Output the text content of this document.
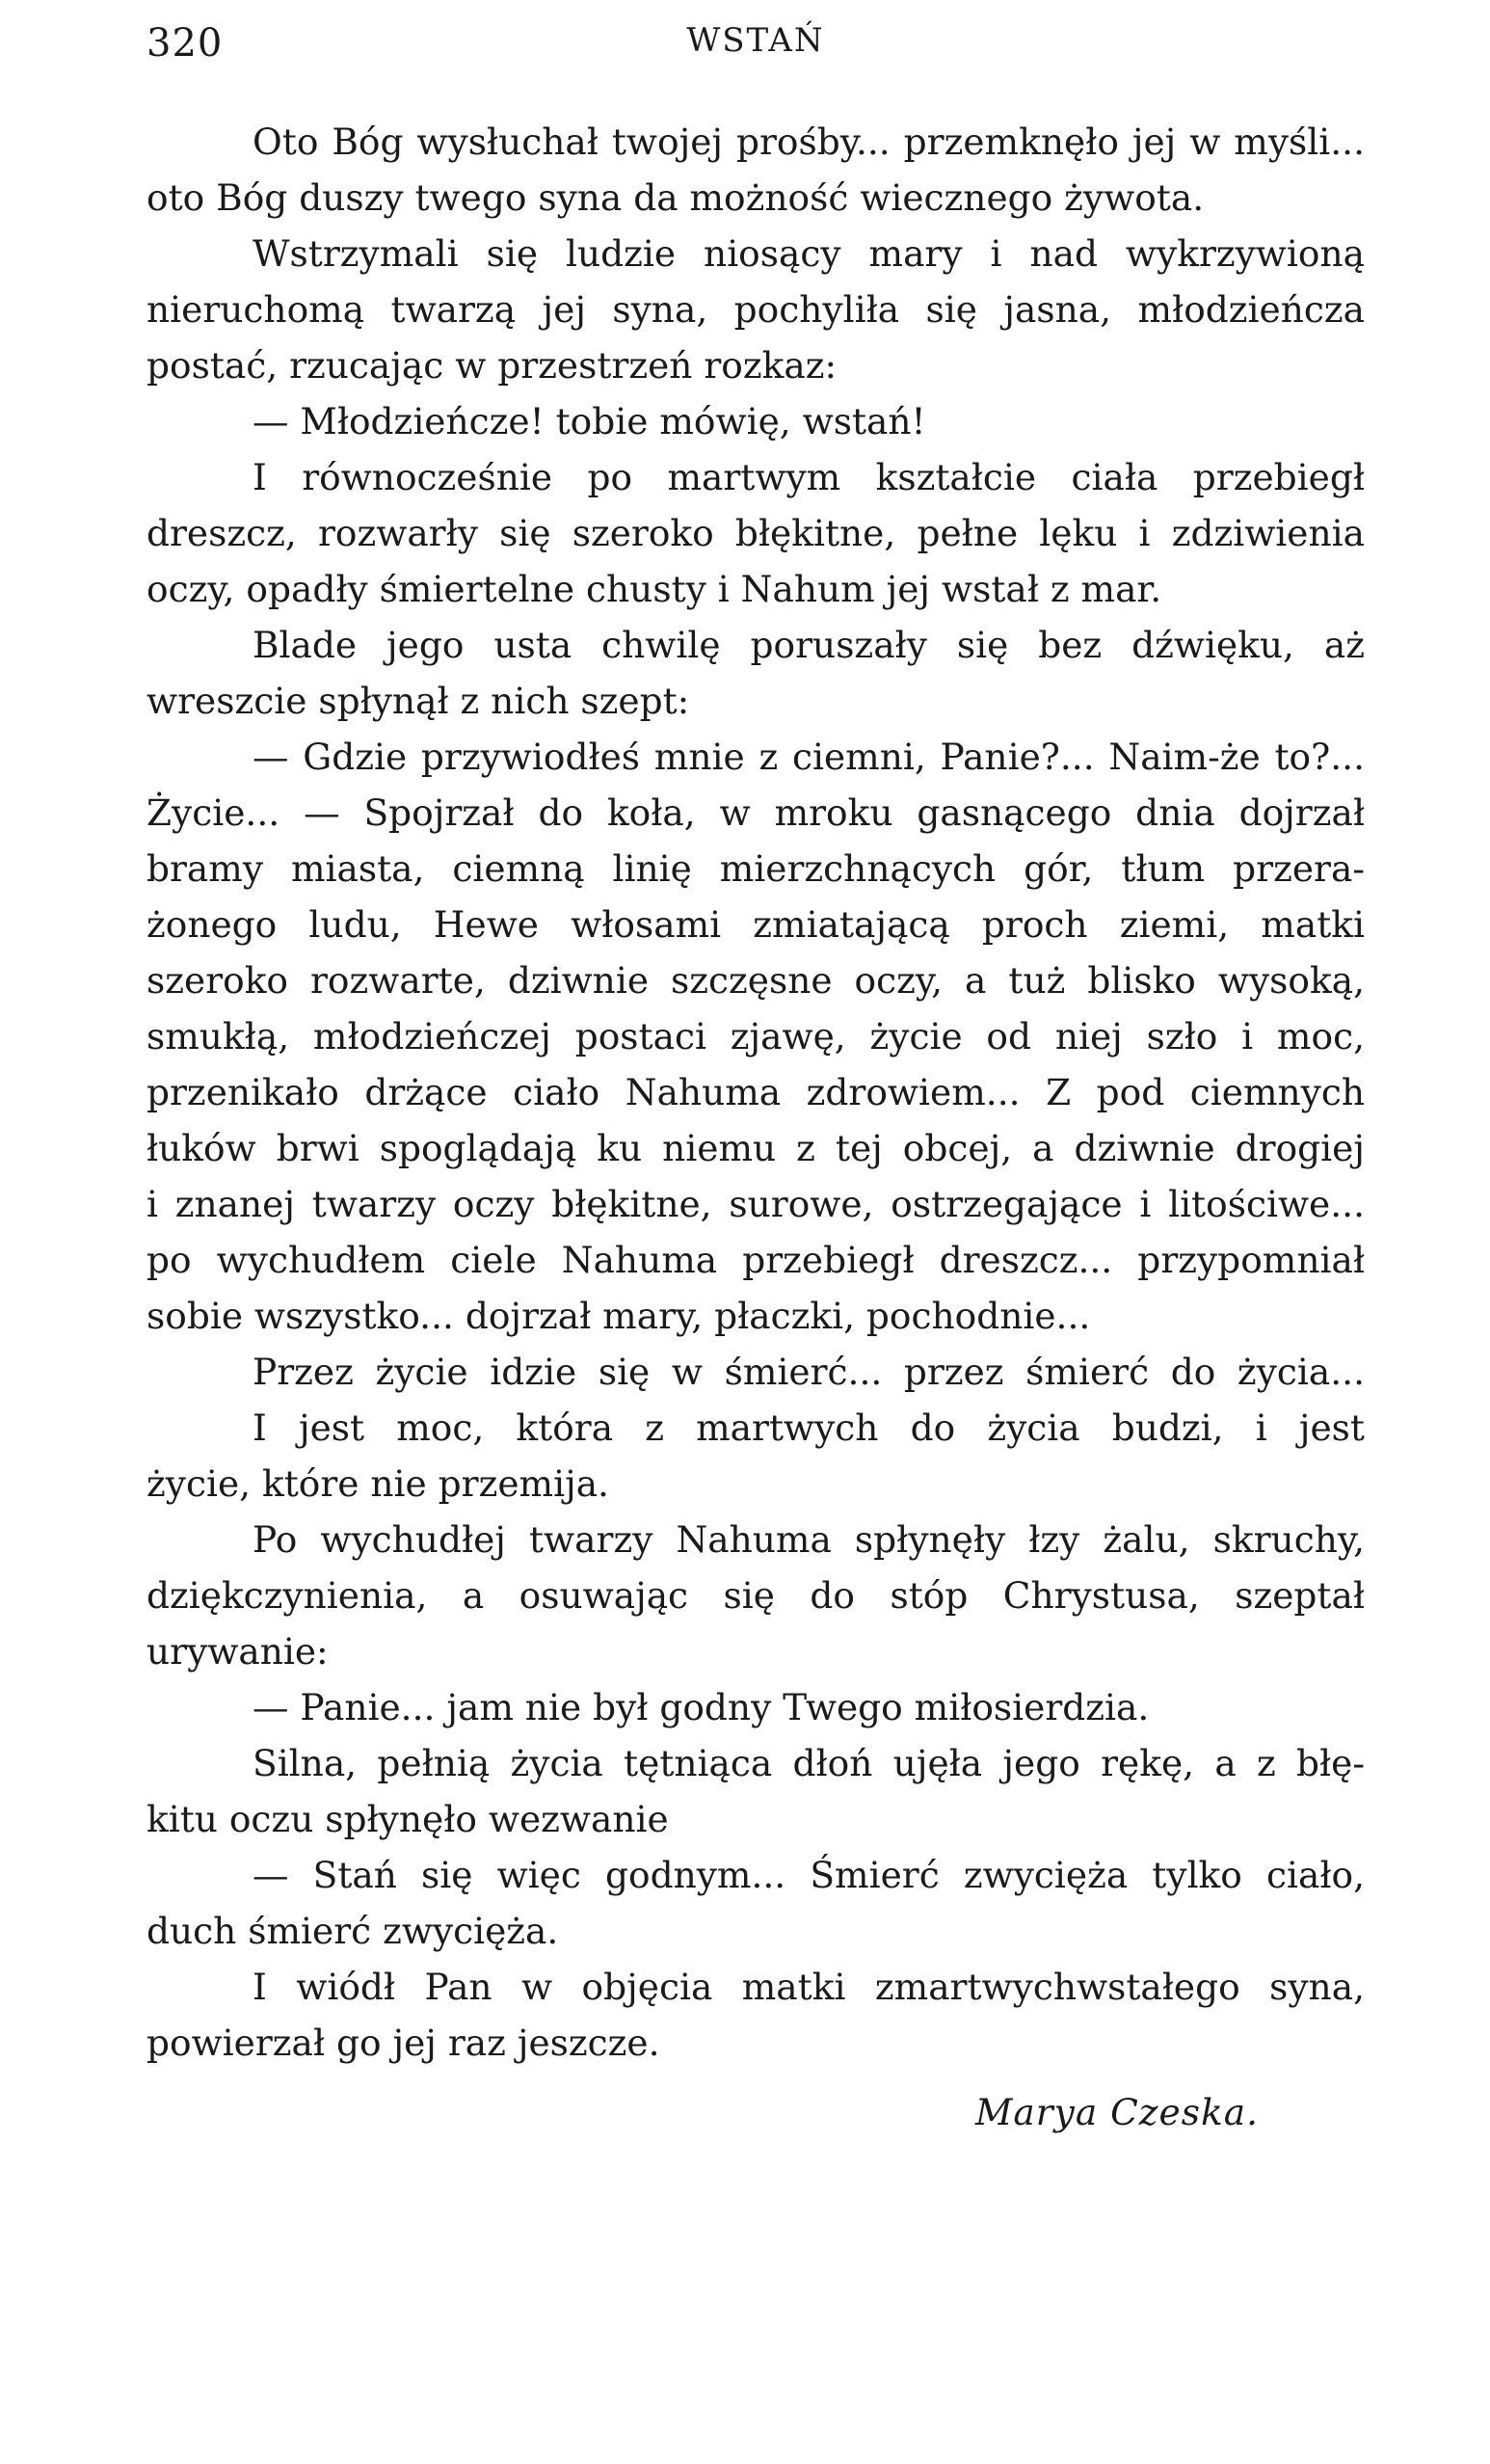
320	WSTAŃ
Oto Bóg wysłuchał twojej prośby... przemknęło jej w myśli...
oto Bóg duszy twego syna da możność wiecznego żywota.
Wstrzymali się ludzie niosący mary i nad wykrzywioną
nieruchomą twarzą jej syna, pochyliła się jasna, młodzieńcza
postać, rzucając w przestrzeń rozkaz:
— Młodzieńcze! tobie mówię, wstań!
I równocześnie po martwym kształcie ciała przebiegł
dreszcz, rozwarły się szeroko błękitne, pełne lęku i zdziwienia
oczy, opadły śmiertelne chusty i Nahum jej wstał z mar.
Blade jego usta chwilę poruszały się bez dźwięku, aż
wreszcie spłynął z nich szept:
— Gdzie przywiodłeś mnie z ciemni, Panie?... Naim-że to?...
Życie... — Spojrzał do koła, w mroku gasnącego dnia dojrzał
bramy miasta, ciemną linię mierzchnących gór, tłum przera-
żonego ludu, Hewe włosami zmiatającą proch ziemi, matki
szeroko rozwarte, dziwnie szczęsne oczy, a tuż blisko wysoką,
smukłą, młodzieńczej postaci zjawę, życie od niej szło i moc,
przenikało drżące ciało Nahuma zdrowiem... Z pod ciemnych
łuków brwi spoglądają ku niemu z tej obcej, a dziwnie drogiej
i znanej twarzy oczy błękitne, surowe, ostrzegające i litościwe...
po wychudłem ciele Nahuma przebiegł dreszcz... przypomniał
sobie wszystko... dojrzał mary, płaczki, pochodnie...
Przez życie idzie się w śmierć... przez śmierć do życia...
I jest moc, która z martwych do życia budzi, i jest
życie, które nie przemija.
Po wychudłej twarzy Nahuma spłynęły łzy żalu, skruchy,
dziękczynienia, a osuwając się do stóp Chrystusa, szeptał
urywanie:
— Panie... jam nie był godny Twego miłosierdzia.
Silna, pełnią życia tętniąca dłoń ujęła jego rękę, a z błę-
kitu oczu spłynęło wezwanie
— Stań się więc godnym... Śmierć zwycięża tylko ciało,
duch śmierć zwycięża.
I wiódł Pan w objęcia matki zmartwychwstałego syna,
powierzał go jej raz jeszcze.
Marya Czeska.
